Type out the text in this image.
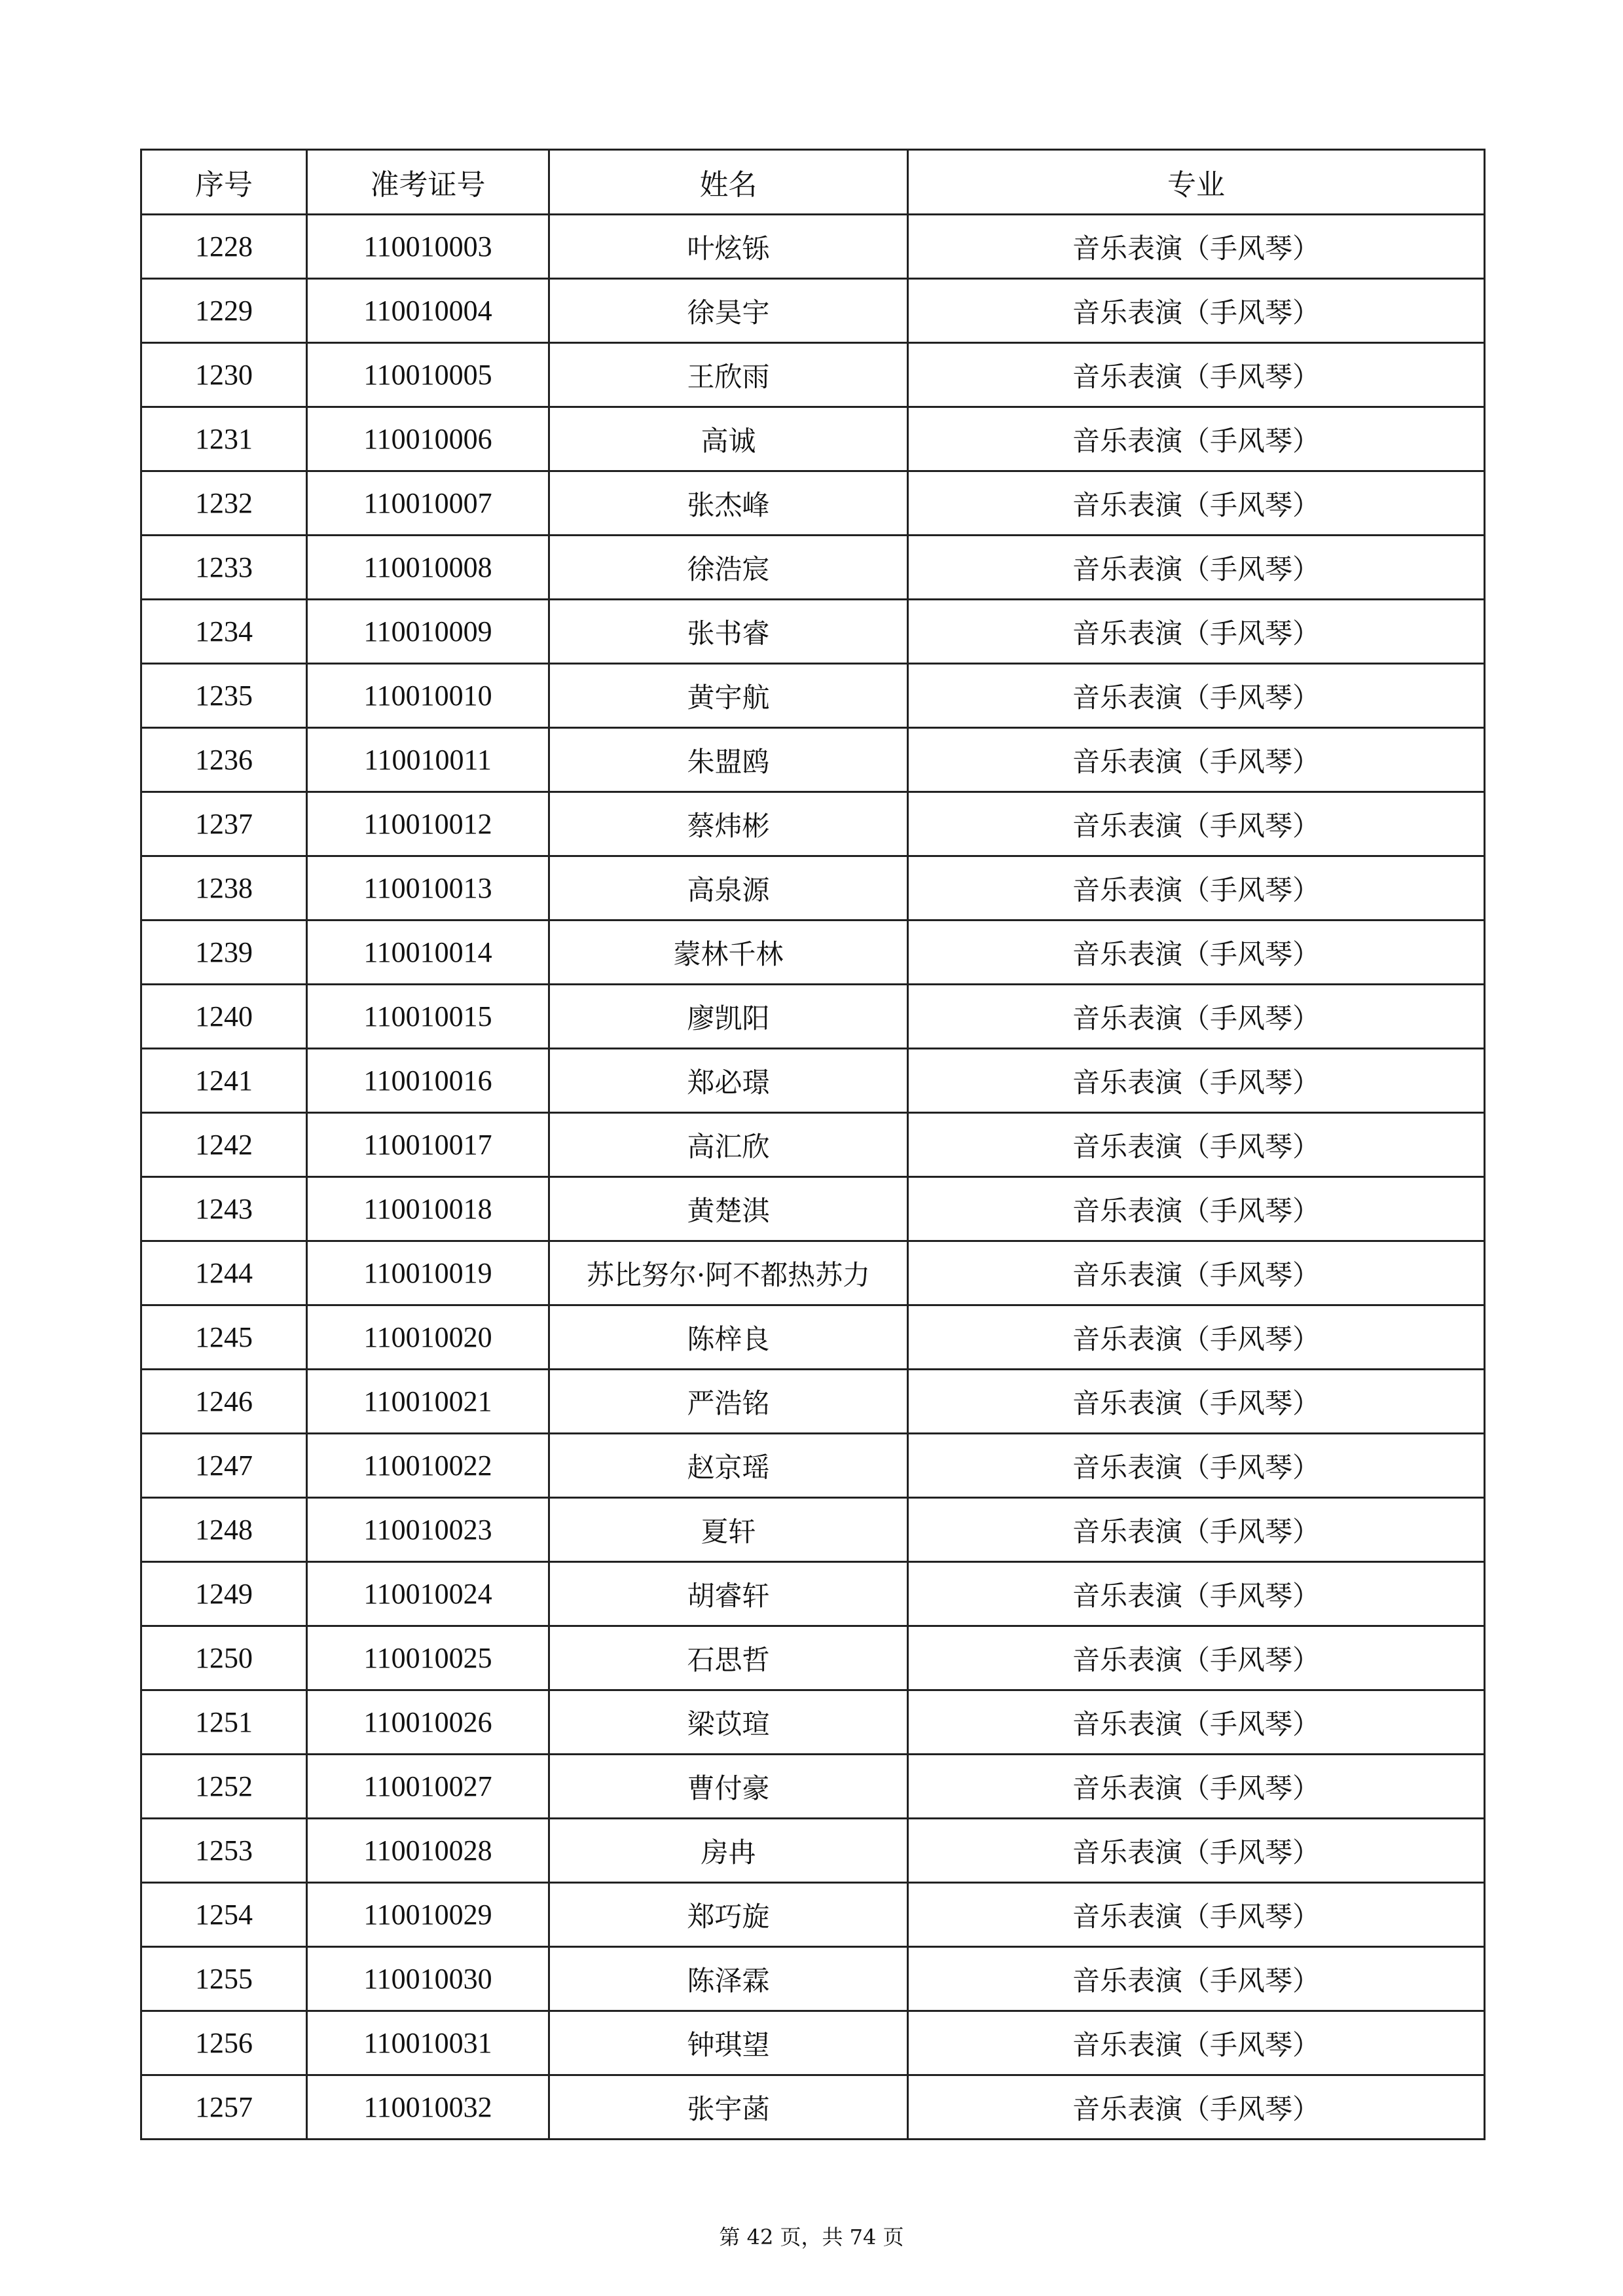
序号	准考证号	姓名	专业
1228	110010003	叶炫铄	音乐表演（手风琴）
1229	110010004	徐昊宇	音乐表演（手风琴）
1230	110010005	王欣雨	音乐表演（手风琴）
1231	110010006	高诚	音乐表演（手风琴）
1232	110010007	张杰峰	音乐表演（手风琴）
1233	110010008	徐浩宸	音乐表演（手风琴）
1234	110010009	张书睿	音乐表演（手风琴）
1235	110010010	黄宇航	音乐表演（手风琴）
1236	110010011	朱盟鸥	音乐表演（手风琴）
1237	110010012	蔡炜彬	音乐表演（手风琴）
1238	110010013	高泉源	音乐表演（手风琴）
1239	110010014	蒙林千林	音乐表演（手风琴）
1240	110010015	廖凯阳	音乐表演（手风琴）
1241	110010016	郑必璟	音乐表演（手风琴）
1242	110010017	高汇欣	音乐表演（手风琴）
1243	110010018	黄楚淇	音乐表演（手风琴）
1244	110010019	苏比努尔·阿不都热苏力	音乐表演（手风琴）
1245	110010020	陈梓良	音乐表演（手风琴）
1246	110010021	严浩铭	音乐表演（手风琴）
1247	110010022	赵京瑶	音乐表演（手风琴）
1248	110010023	夏轩	音乐表演（手风琴）
1249	110010024	胡睿轩	音乐表演（手风琴）
1250	110010025	石思哲	音乐表演（手风琴）
1251	110010026	梁苡瑄	音乐表演（手风琴）
1252	110010027	曹付豪	音乐表演（手风琴）
1253	110010028	房冉	音乐表演（手风琴）
1254	110010029	郑巧旋	音乐表演（手风琴）
1255	110010030	陈泽霖	音乐表演（手风琴）
1256	110010031	钟琪望	音乐表演（手风琴）
1257	110010032	张宇菡	音乐表演（手风琴）
第 42 页，共 74 页
